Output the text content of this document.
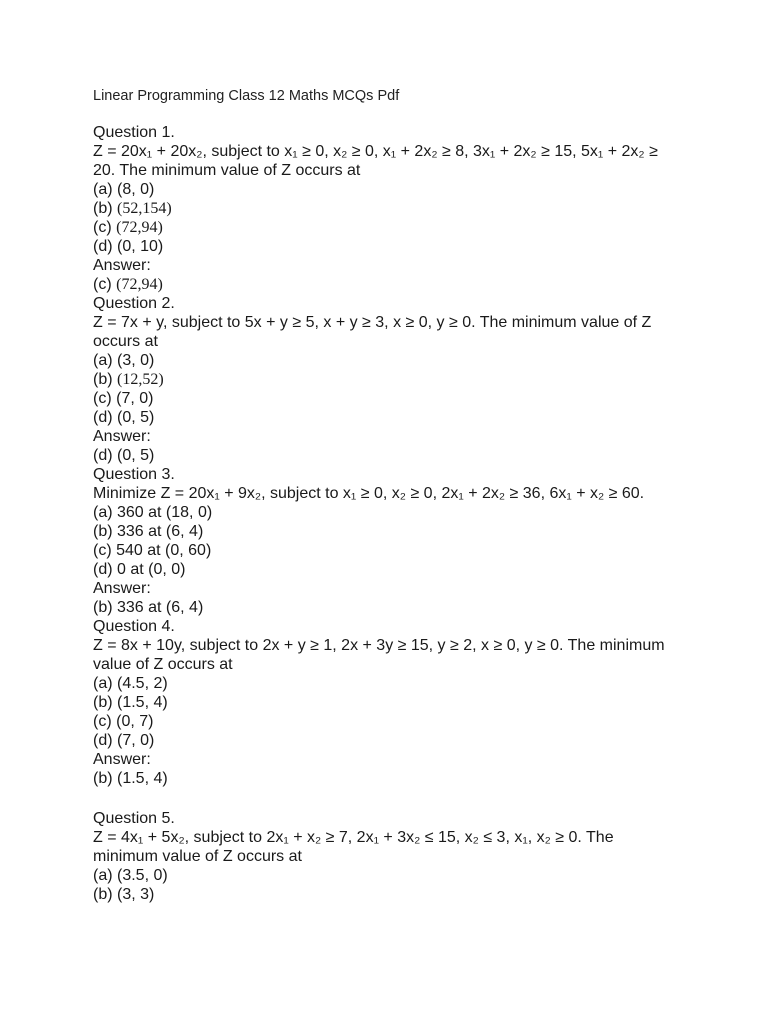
Linear Programming Class 12 Maths MCQs Pdf

Question 1.

Z = 20x₁ + 20x₂, subject to x₁ ≥ 0, x₂ ≥ 0, x₁ + 2x₂ ≥ 8, 3x₁ + 2x₂ ≥ 15, 5x₁ + 2x₂ ≥ 20. The minimum value of Z occurs at

(a) (8, 0)

(b) (52,154)

(c) (72,94)

(d) (0, 10)

Answer:

(c) (72,94)

Question 2.

Z = 7x + y, subject to 5x + y ≥ 5, x + y ≥ 3, x ≥ 0, y ≥ 0. The minimum value of Z occurs at

(a) (3, 0)

(b) (12,52)

(c) (7, 0)

(d) (0, 5)

Answer:

(d) (0, 5)

Question 3.

Minimize Z = 20x₁ + 9x₂, subject to x₁ ≥ 0, x₂ ≥ 0, 2x₁ + 2x₂ ≥ 36, 6x₁ + x₂ ≥ 60.

(a) 360 at (18, 0)

(b) 336 at (6, 4)

(c) 540 at (0, 60)

(d) 0 at (0, 0)

Answer:

(b) 336 at (6, 4)

Question 4.

Z = 8x + 10y, subject to 2x + y ≥ 1, 2x + 3y ≥ 15, y ≥ 2, x ≥ 0, y ≥ 0. The minimum value of Z occurs at

(a) (4.5, 2)

(b) (1.5, 4)

(c) (0, 7)

(d) (7, 0)

Answer:

(b) (1.5, 4)

Question 5.

Z = 4x₁ + 5x₂, subject to 2x₁ + x₂ ≥ 7, 2x₁ + 3x₂ ≤ 15, x₂ ≤ 3, x₁, x₂ ≥ 0. The minimum value of Z occurs at

(a) (3.5, 0)

(b) (3, 3)
